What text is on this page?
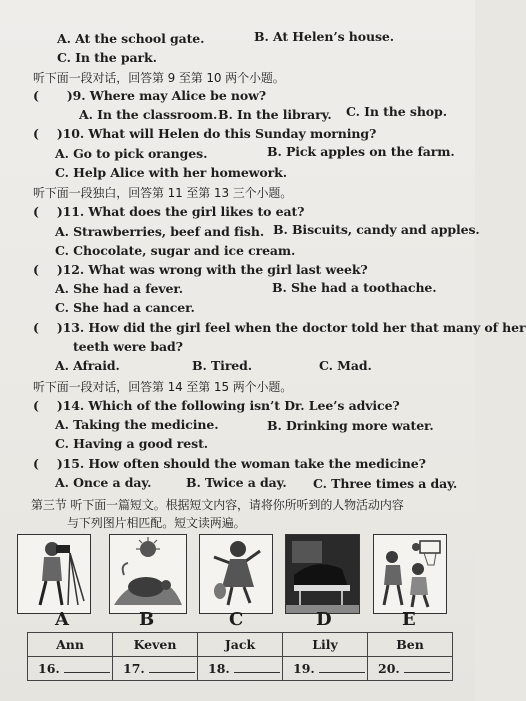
A. At the school gate.	B. At Helen’s house.
C. In the park.
听下面一段对话，回答第 9 至第 10 两个小题。
( )9. Where may Alice be now?
A. In the classroom. B. In the library. C. In the shop.
( )10. What will Helen do this Sunday morning?
A. Go to pick oranges.	B. Pick apples on the farm.
C. Help Alice with her homework.
听下面一段独白，回答第 11 至第 13 三个小题。
( )11. What does the girl likes to eat?
A. Strawberries, beef and fish. B. Biscuits, candy and apples.
C. Chocolate, sugar and ice cream.
( )12. What was wrong with the girl last week?
A. She had a fever.	B. She had a toothache.
C. She had a cancer.
( )13. How did the girl feel when the doctor told her that many of her
teeth were bad?
A. Afraid.	B. Tired.	C. Mad.
听下面一段对话，回答第 14 至第 15 两个小题。
( )14. Which of the following isn’t Dr. Lee’s advice?
A. Taking the medicine.	B. Drinking more water.
C. Having a good rest.
( )15. How often should the woman take the medicine?
A. Once a day.	B. Twice a day. C. Three times a day.
第三节 听下面一篇短文。根据短文内容，请将你所听到的人物活动内容
与下列图片相匹配。短文读两遍。
A	B	C	D	E
Ann	Keven	Jack	Lily	Ben
16.	17.	18.	19.	20.
